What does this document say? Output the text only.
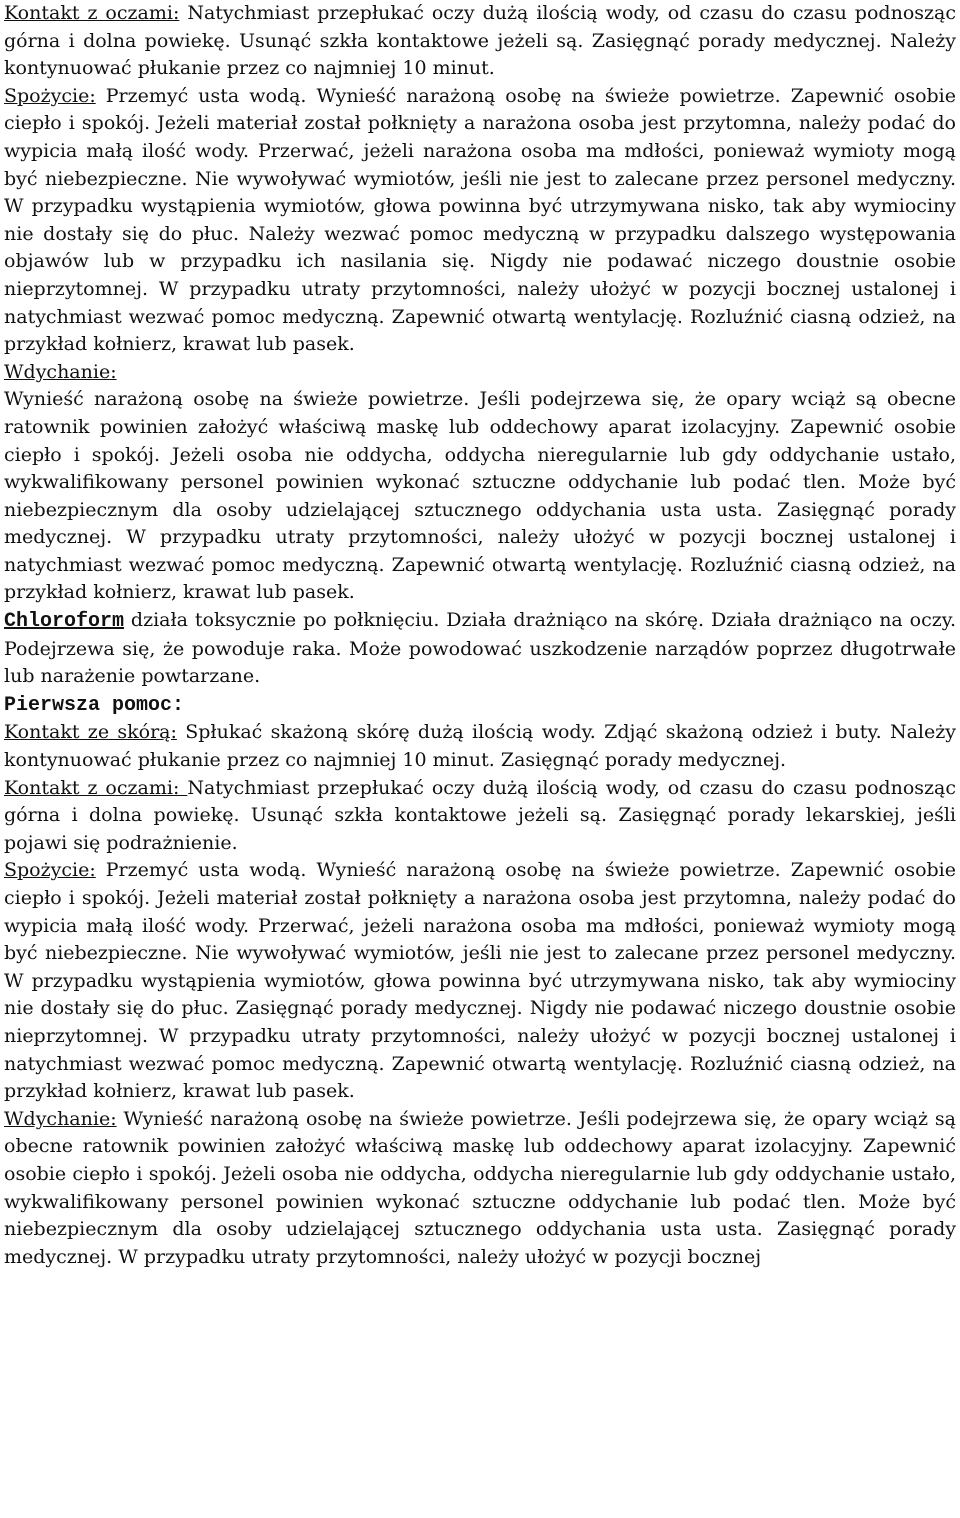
Kontakt z oczami: Natychmiast przepłukać oczy dużą ilością wody, od czasu do czasu podnosząc górna i dolna powiekę. Usunąć szkła kontaktowe jeżeli są. Zasięgnąć porady medycznej. Należy kontynuować płukanie przez co najmniej 10 minut.

Spożycie: Przemyć usta wodą. Wynieść narażoną osobę na świeże powietrze. Zapewnić osobie ciepło i spokój. Jeżeli materiał został połknięty a narażona osoba jest przytomna, należy podać do wypicia małą ilość wody. Przerwać, jeżeli narażona osoba ma mdłości, ponieważ wymioty mogą być niebezpieczne. Nie wywoływać wymiotów, jeśli nie jest to zalecane przez personel medyczny. W przypadku wystąpienia wymiotów, głowa powinna być utrzymywana nisko, tak aby wymiociny nie dostały się do płuc. Należy wezwać pomoc medyczną w przypadku dalszego występowania objawów lub w przypadku ich nasilania się. Nigdy nie podawać niczego doustnie osobie nieprzytomnej. W przypadku utraty przytomności, należy ułożyć w pozycji bocznej ustalonej i natychmiast wezwać pomoc medyczną. Zapewnić otwartą wentylację. Rozluźnić ciasną odzież, na przykład kołnierz, krawat lub pasek.

Wdychanie:

Wynieść narażoną osobę na świeże powietrze. Jeśli podejrzewa się, że opary wciąż są obecne ratownik powinien założyć właściwą maskę lub oddechowy aparat izolacyjny. Zapewnić osobie ciepło i spokój. Jeżeli osoba nie oddycha, oddycha nieregularnie lub gdy oddychanie ustało, wykwalifikowany personel powinien wykonać sztuczne oddychanie lub podać tlen. Może być niebezpiecznym dla osoby udzielającej sztucznego oddychania usta usta. Zasięgnąć porady medycznej. W przypadku utraty przytomności, należy ułożyć w pozycji bocznej ustalonej i natychmiast wezwać pomoc medyczną. Zapewnić otwartą wentylację. Rozluźnić ciasną odzież, na przykład kołnierz, krawat lub pasek.

Chloroform działa toksycznie po połknięciu. Działa drażniąco na skórę. Działa drażniąco na oczy. Podejrzewa się, że powoduje raka. Może powodować uszkodzenie narządów poprzez długotrwałe lub narażenie powtarzane.

Pierwsza pomoc:

Kontakt ze skórą: Spłukać skażoną skórę dużą ilością wody. Zdjąć skażoną odzież i buty. Należy kontynuować płukanie przez co najmniej 10 minut. Zasięgnąć porady medycznej.

Kontakt z oczami: Natychmiast przepłukać oczy dużą ilością wody, od czasu do czasu podnosząc górna i dolna powiekę. Usunąć szkła kontaktowe jeżeli są. Zasięgnąć porady lekarskiej, jeśli pojawi się podrażnienie.

Spożycie: Przemyć usta wodą. Wynieść narażoną osobę na świeże powietrze. Zapewnić osobie ciepło i spokój. Jeżeli materiał został połknięty a narażona osoba jest przytomna, należy podać do wypicia małą ilość wody. Przerwać, jeżeli narażona osoba ma mdłości, ponieważ wymioty mogą być niebezpieczne. Nie wywoływać wymiotów, jeśli nie jest to zalecane przez personel medyczny. W przypadku wystąpienia wymiotów, głowa powinna być utrzymywana nisko, tak aby wymiociny nie dostały się do płuc. Zasięgnąć porady medycznej. Nigdy nie podawać niczego doustnie osobie nieprzytomnej. W przypadku utraty przytomności, należy ułożyć w pozycji bocznej ustalonej i natychmiast wezwać pomoc medyczną. Zapewnić otwartą wentylację. Rozluźnić ciasną odzież, na przykład kołnierz, krawat lub pasek.

Wdychanie: Wynieść narażoną osobę na świeże powietrze. Jeśli podejrzewa się, że opary wciąż są obecne ratownik powinien założyć właściwą maskę lub oddechowy aparat izolacyjny. Zapewnić osobie ciepło i spokój. Jeżeli osoba nie oddycha, oddycha nieregularnie lub gdy oddychanie ustało, wykwalifikowany personel powinien wykonać sztuczne oddychanie lub podać tlen. Może być niebezpiecznym dla osoby udzielającej sztucznego oddychania usta usta. Zasięgnąć porady medycznej. W przypadku utraty przytomności, należy ułożyć w pozycji bocznej
